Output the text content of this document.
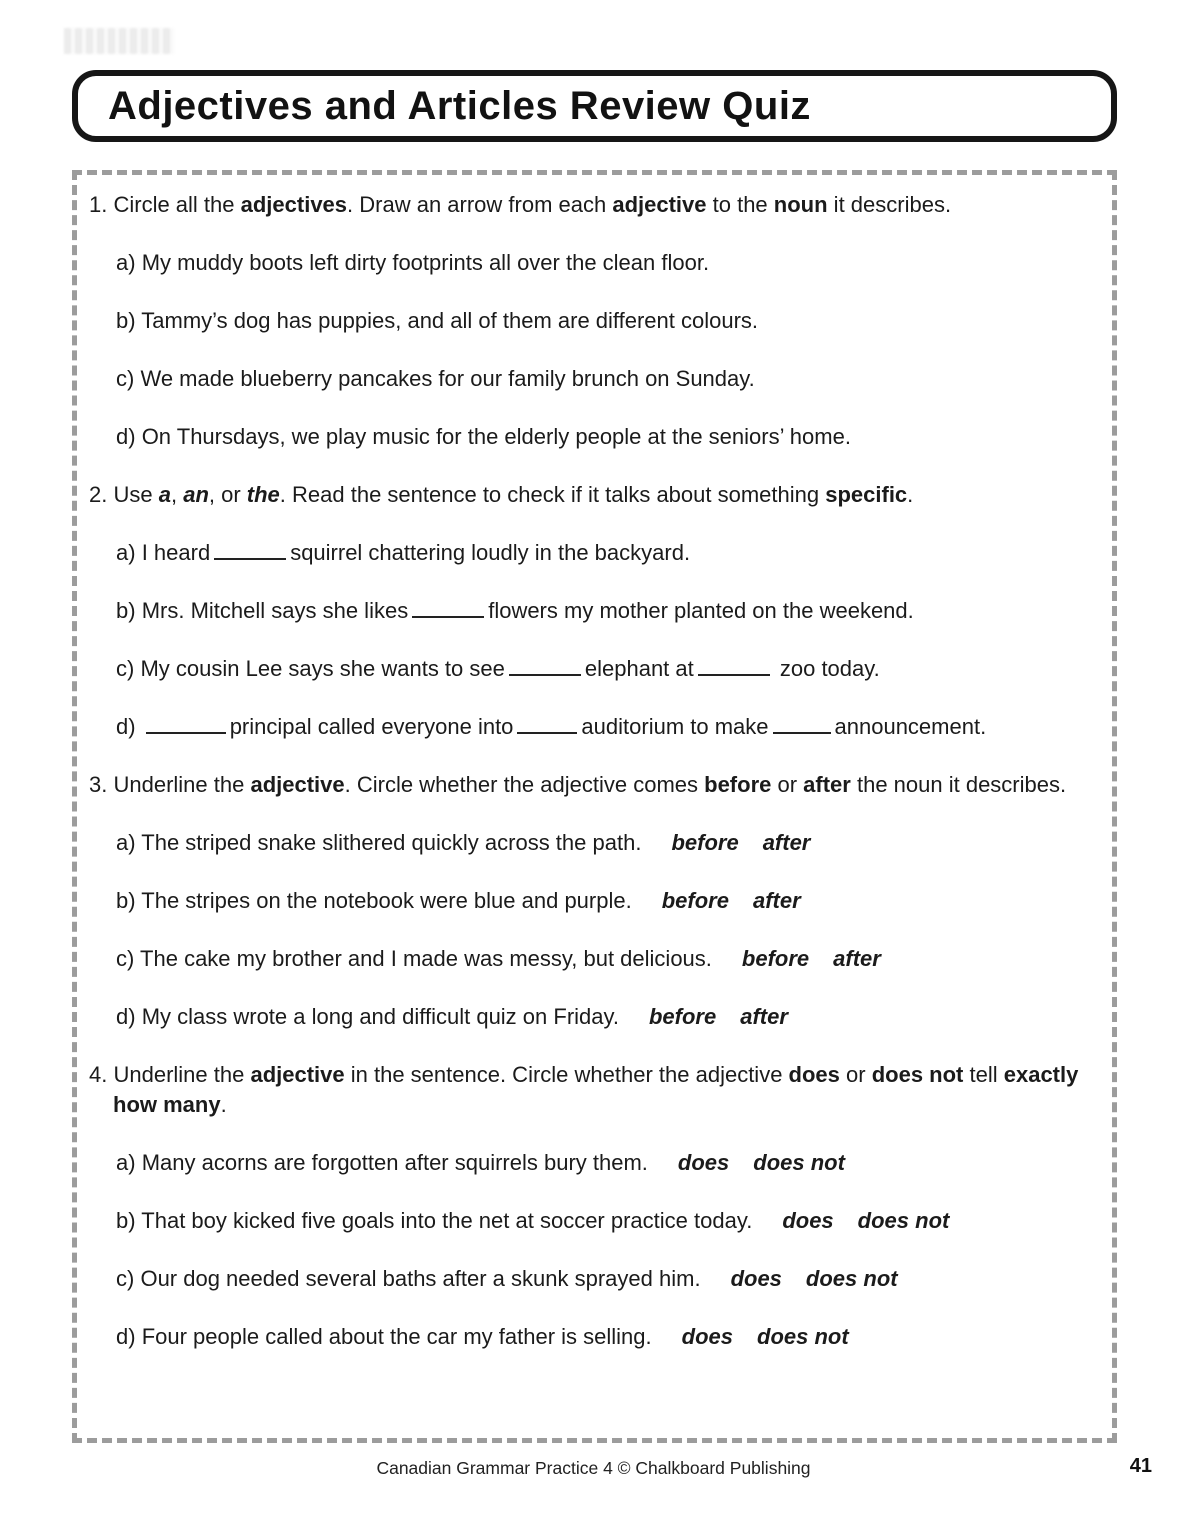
Adjectives and Articles Review Quiz
1. Circle all the adjectives. Draw an arrow from each adjective to the noun it describes.
a) My muddy boots left dirty footprints all over the clean floor.
b) Tammy’s dog has puppies, and all of them are different colours.
c) We made blueberry pancakes for our family brunch on Sunday.
d) On Thursdays, we play music for the elderly people at the seniors’ home.
2. Use a, an, or the. Read the sentence to check if it talks about something specific.
a) I heard	squirrel chattering loudly in the backyard.
b) Mrs. Mitchell says she likes	flowers my mother planted on the weekend.
c) My cousin Lee says she wants to see	elephant at	zoo today.
d)	principal called everyone into	auditorium to make	announcement.
3. Underline the adjective. Circle whether the adjective comes before or after the noun it describes.
a) The striped snake slithered quickly across the path. before after
b) The stripes on the notebook were blue and purple. before after
c) The cake my brother and I made was messy, but delicious. before after
d) My class wrote a long and difficult quiz on Friday. before after
4. Underline the adjective in the sentence. Circle whether the adjective does or does not tell exactly how many.
a) Many acorns are forgotten after squirrels bury them. does does not
b) That boy kicked five goals into the net at soccer practice today. does does not
c) Our dog needed several baths after a skunk sprayed him. does does not
d) Four people called about the car my father is selling. does does not
Canadian Grammar Practice 4 © Chalkboard Publishing	41
